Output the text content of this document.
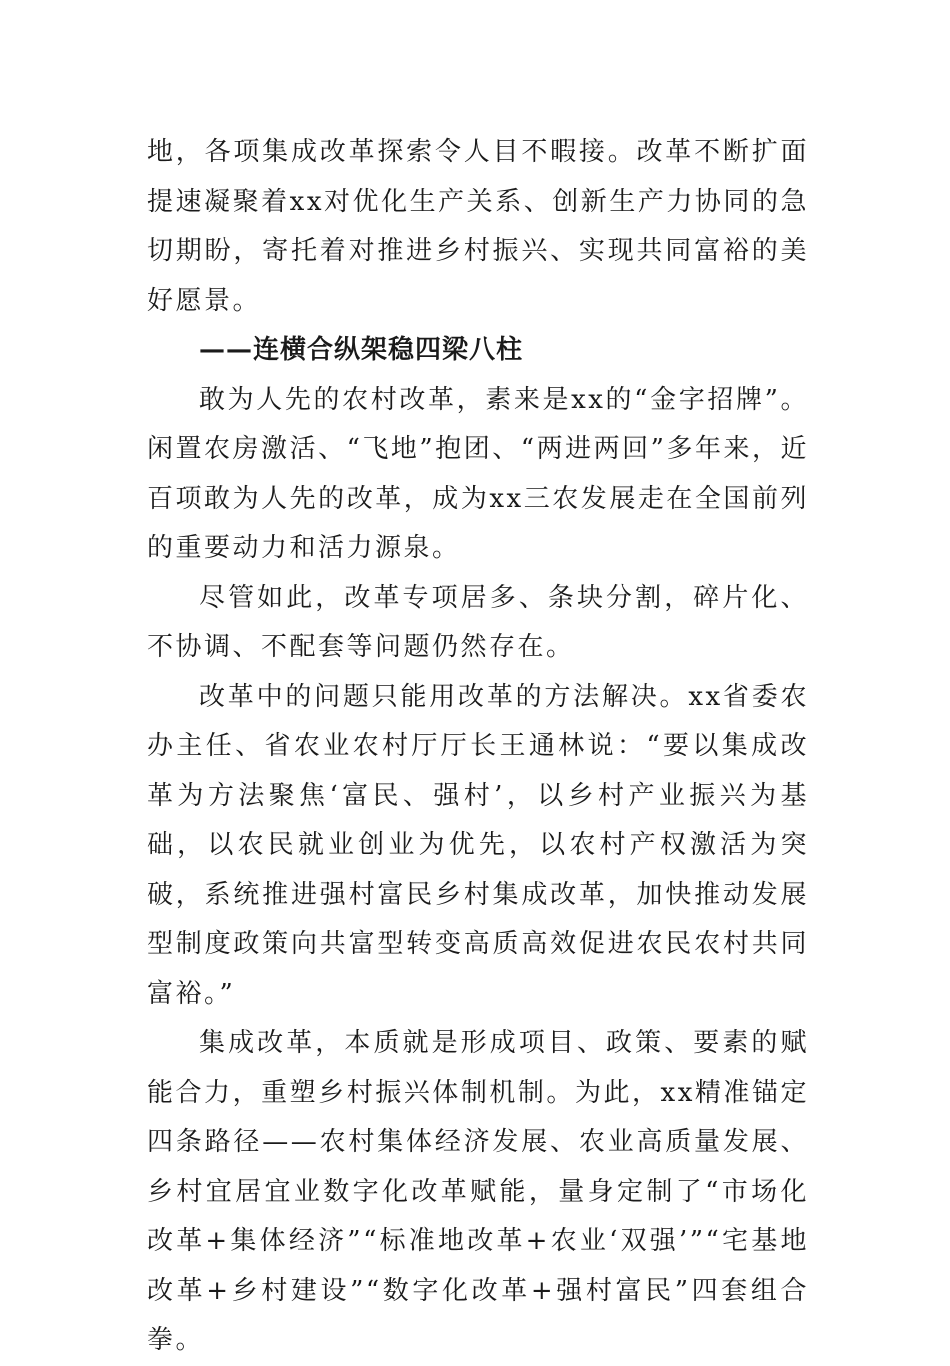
地，各项集成改革探索令人目不暇接。改革不断扩面提速凝聚着xx对优化生产关系、创新生产力协同的急切期盼，寄托着对推进乡村振兴、实现共同富裕的美好愿景。

——连横合纵架稳四梁八柱

敢为人先的农村改革，素来是xx的“金字招牌”。闲置农房激活、“飞地”抱团、“两进两回”多年来，近百项敢为人先的改革，成为xx三农发展走在全国前列的重要动力和活力源泉。

尽管如此，改革专项居多、条块分割，碎片化、不协调、不配套等问题仍然存在。

改革中的问题只能用改革的方法解决。xx省委农办主任、省农业农村厅厅长王通林说：“要以集成改革为方法聚焦‘富民、强村’，以乡村产业振兴为基础，以农民就业创业为优先，以农村产权激活为突破，系统推进强村富民乡村集成改革，加快推动发展型制度政策向共富型转变高质高效促进农民农村共同富裕。”

集成改革，本质就是形成项目、政策、要素的赋能合力，重塑乡村振兴体制机制。为此，xx精准锚定四条路径——农村集体经济发展、农业高质量发展、乡村宜居宜业数字化改革赋能，量身定制了“市场化改革+集体经济”“标准地改革+农业‘双强’”“宅基地改革+乡村建设”“数字化改革+强村富民”四套组合拳。
